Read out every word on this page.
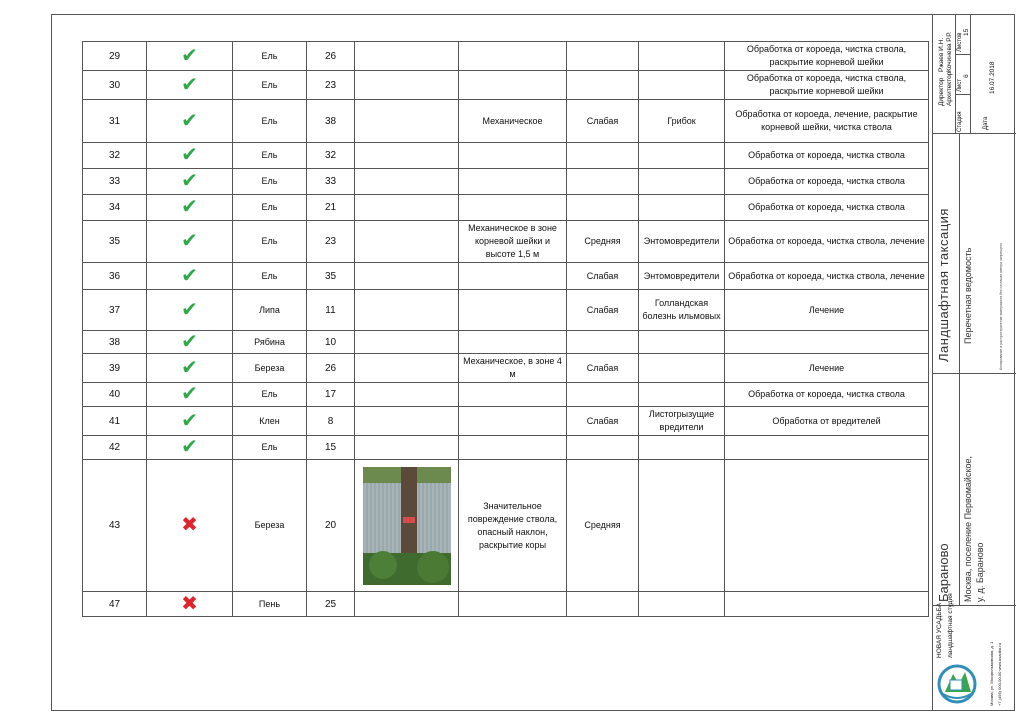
29	✔	Ель	26					Обработка от короеда, чистка ствола, раскрытие корневой шейки
30	✔	Ель	23					Обработка от короеда, чистка ствола, раскрытие корневой шейки
31	✔	Ель	38		Механическое	Слабая	Грибок	Обработка от короеда, лечение, раскрытие корневой шейки, чистка ствола
32	✔	Ель	32					Обработка от короеда, чистка ствола
33	✔	Ель	33					Обработка от короеда, чистка ствола
34	✔	Ель	21					Обработка от короеда, чистка ствола
35	✔	Ель	23		Механическое в зоне корневой шейки и высоте 1,5 м	Средняя	Энтомовредители	Обработка от короеда, чистка ствола, лечение
36	✔	Ель	35			Слабая	Энтомовредители	Обработка от короеда, чистка ствола, лечение
37	✔	Липа	11			Слабая	Голландская болезнь ильмовых	Лечение
38	✔	Рябина	10					
39	✔	Береза	26		Механическое, в зоне 4 м	Слабая		Лечение
40	✔	Ель	17					Обработка от короеда, чистка ствола
41	✔	Клен	8			Слабая	Листогрызущие вредители	Обработка от вредителей
42	✔	Ель	15					
43	✖	Береза	20		Значительное повреждение ствола, опасный наклон, раскрытие коры	Средняя		
47	✖	Пень	25					
Директор Архитектор
Ржаев И.Н. Кочинева Р.Р.
Стадия
Лист
Листов
6
15
Дата
16.07.2018
Ландшафтная таксация Перечетная ведомость	Копирование и распространение материалов без согласия автора запрещено
Бараново Москва, поселение Первомайское, у. д. Бараново
НОВАЯ УСАДЬБА ландшафтная студия
Москва, ул. Мосфильмовская, д. 1 +7 (495) 000-00-00 www.usadba.ru
